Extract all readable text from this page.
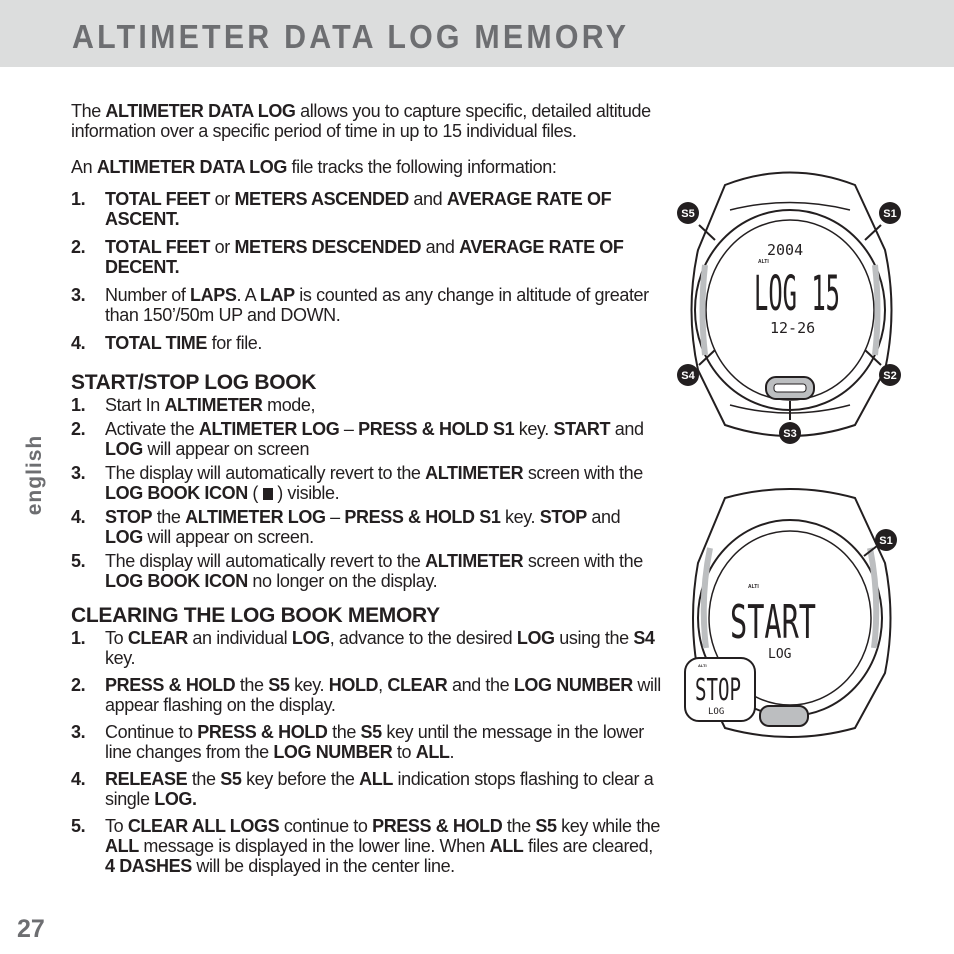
ALTIMETER DATA LOG MEMORY

The ALTIMETER DATA LOG allows you to capture specific, detailed altitude information over a specific period of time in up to 15 individual files.

An ALTIMETER DATA LOG file tracks the following information:

1. TOTAL FEET or METERS ASCENDED and AVERAGE RATE OF ASCENT.
2. TOTAL FEET or METERS DESCENDED and AVERAGE RATE OF DECENT.
3. Number of LAPS. A LAP is counted as any change in altitude of greater than 150’/50m UP and DOWN.
4. TOTAL TIME for file.
START/STOP LOG BOOK
1. Start In ALTIMETER mode,
2. Activate the ALTIMETER LOG – PRESS & HOLD S1 key. START and LOG will appear on screen
3. The display will automatically revert to the ALTIMETER screen with the LOG BOOK ICON (  ) visible.
4. STOP the ALTIMETER LOG – PRESS & HOLD S1 key. STOP and LOG will appear on screen.
5. The display will automatically revert to the ALTIMETER screen with the LOG BOOK ICON no longer on the display.
CLEARING THE LOG BOOK MEMORY
1. To CLEAR an individual LOG, advance to the desired LOG using the S4 key.
2. PRESS & HOLD the S5 key. HOLD, CLEAR and the LOG NUMBER will appear flashing on the display.
3. Continue to PRESS & HOLD the S5 key until the message in the lower line changes from the LOG NUMBER to ALL.
4. RELEASE the S5 key before the ALL indication stops flashing to clear a single LOG.
5. To CLEAR ALL LOGS continue to PRESS & HOLD the S5 key while the ALL message is displayed in the lower line. When ALL files are cleared, 4 DASHES will be displayed in the center line.
english
27
S5	S1
S4	S2
S3
2004
ALTI
LOG 15
12-26
S1
ALTI
START
LOG
ALTI
STOP
LOG
